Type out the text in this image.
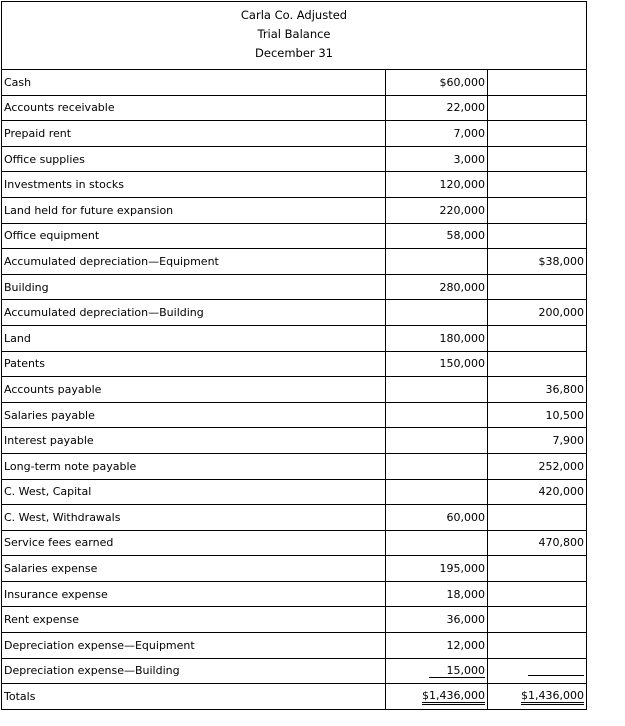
Carla Co. Adjusted
Trial Balance
December 31		

Cash	$60,000	
Accounts receivable	22,000	
Prepaid rent	7,000	
Office supplies	3,000	
Investments in stocks	120,000	
Land held for future expansion	220,000	
Office equipment	58,000	
Accumulated depreciation—Equipment		$38,000
Building	280,000	
Accumulated depreciation—Building		200,000
Land	180,000	
Patents	150,000	
Accounts payable		36,800
Salaries payable		10,500
Interest payable		7,900
Long-term note payable		252,000
C. West, Capital		420,000
C. West, Withdrawals	60,000	
Service fees earned		470,800
Salaries expense	195,000	
Insurance expense	18,000	
Rent expense	36,000	
Depreciation expense—Equipment	12,000	
Depreciation expense—Building	15,000	
Totals	$1,436,000	$1,436,000
